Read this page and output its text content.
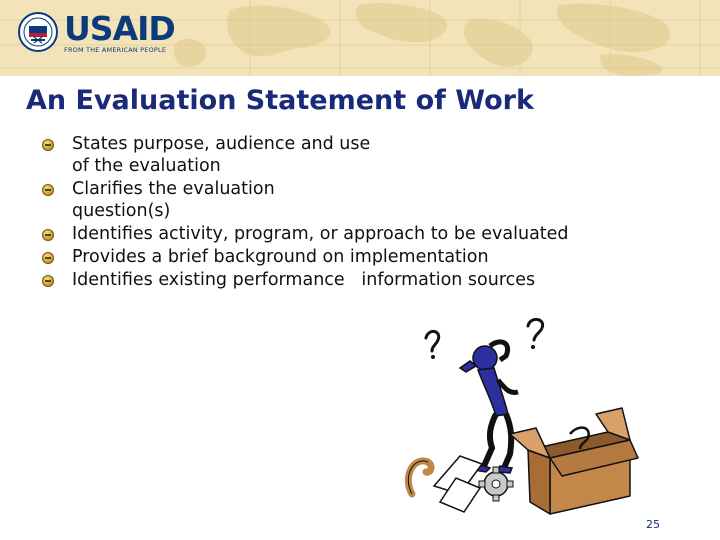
USAID
FROM THE AMERICAN PEOPLE
An Evaluation Statement of Work
States purpose, audience and use of the evaluation
Clarifies the evaluation question(s)
Identifies activity, program, or approach to be evaluated
Provides a brief background on implementation
Identifies existing performance   information sources
25
